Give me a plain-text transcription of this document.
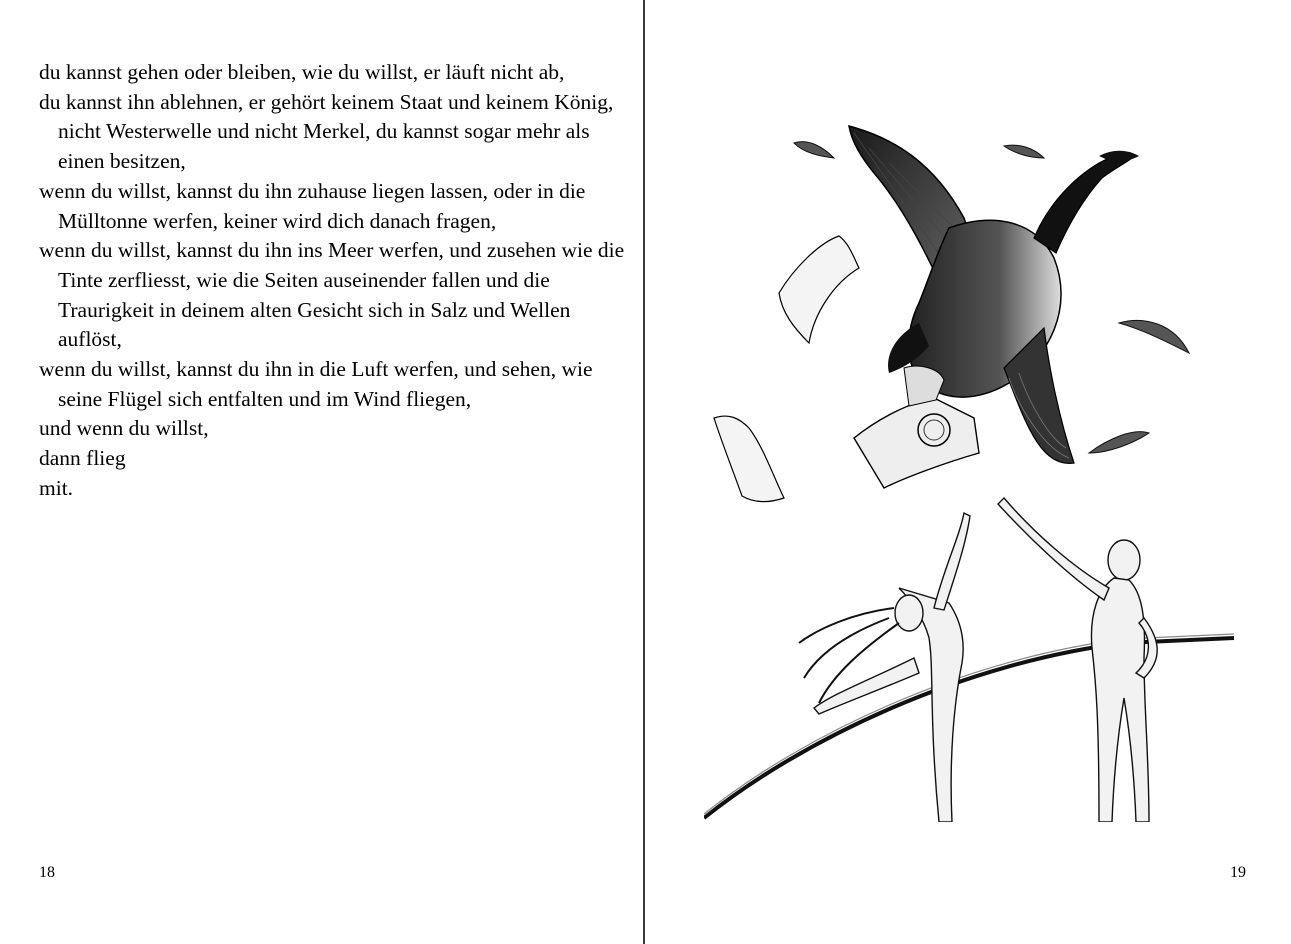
du kannst gehen oder bleiben, wie du willst, er läuft nicht ab,
du kannst ihn ablehnen, er gehört keinem Staat und keinem König, nicht Westerwelle und nicht Merkel, du kannst sogar mehr als einen besitzen,
wenn du willst, kannst du ihn zuhause liegen lassen, oder in die Mülltonne werfen, keiner wird dich danach fragen,
wenn du willst, kannst du ihn ins Meer werfen, und zusehen wie die Tinte zerfliesst, wie die Seiten auseinender fallen und die Traurigkeit in deinem alten Gesicht sich in Salz und Wellen auflöst,
wenn du willst, kannst du ihn in die Luft werfen, und sehen, wie seine Flügel sich entfalten und im Wind fliegen,
und wenn du willst,
dann flieg
mit.
18	19
